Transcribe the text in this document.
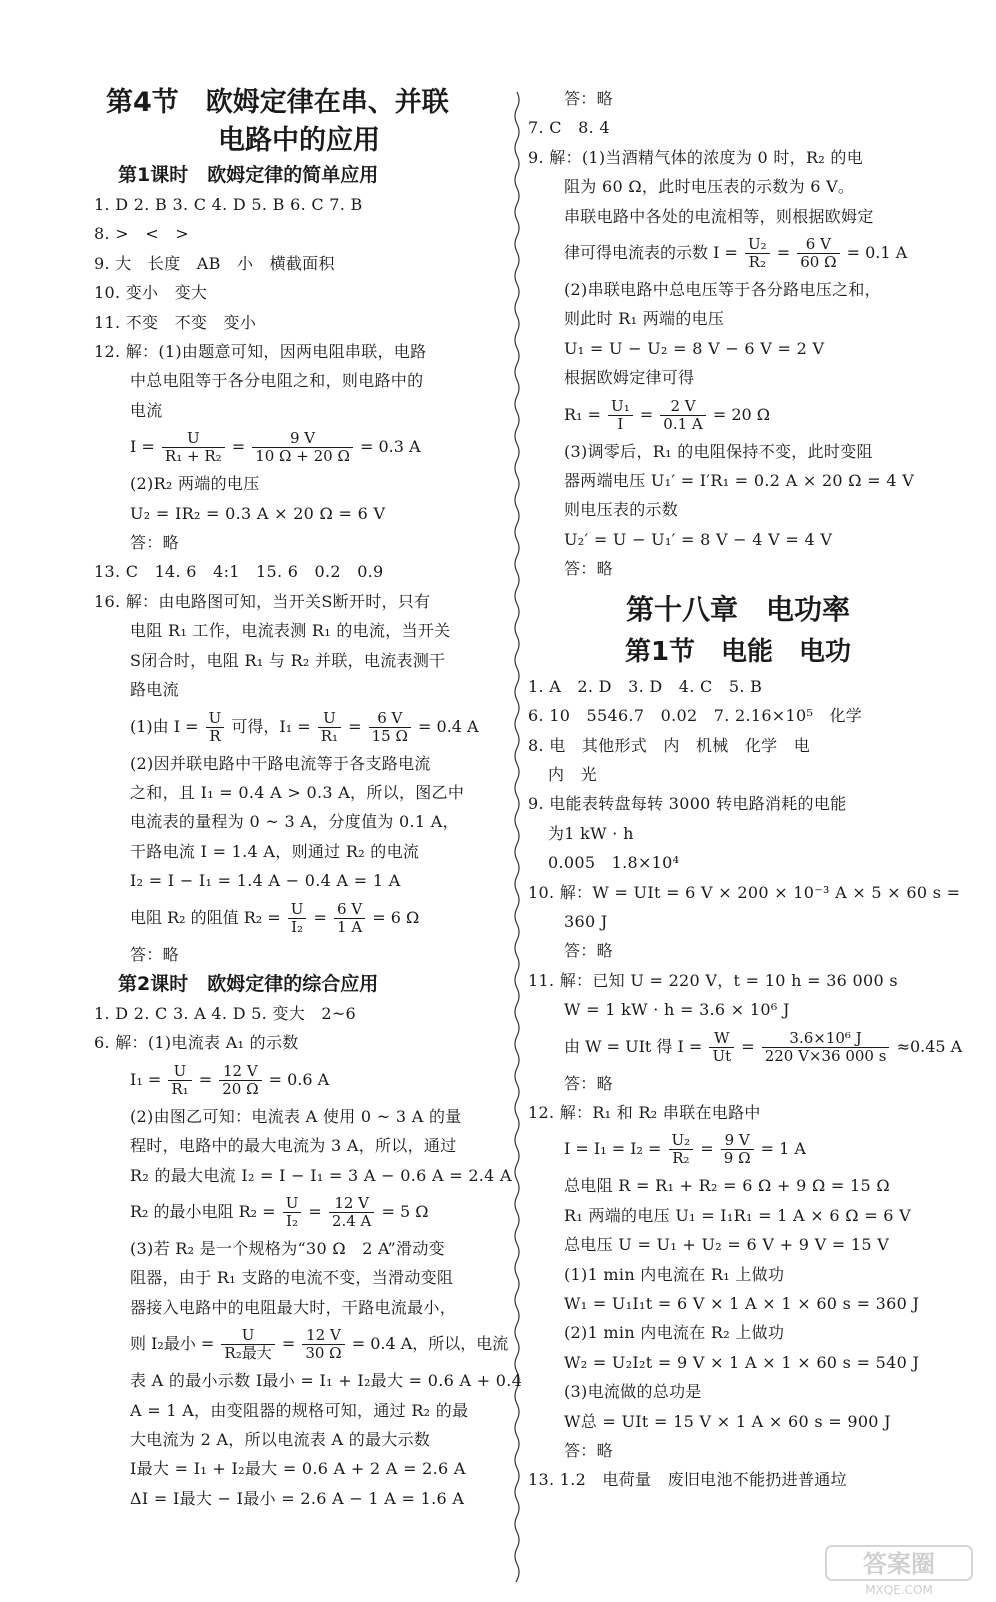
第4节　欧姆定律在串、并联
电路中的应用
第1课时　欧姆定律的简单应用
1. D 2. B 3. C 4. D 5. B 6. C 7. B
8. >　<　>
9. 大　长度　AB　小　横截面积
10. 变小　变大
11. 不变　不变　变小
12. 解：(1)由题意可知，因两电阻串联，电路
中总电阻等于各分电阻之和，则电路中的
电流
$I = \frac{U}{\text{R₁ + R₂}} = \frac{9 V}{10 \Omega + 20 \Omega} = 0.3$ A
(2)R₂ 两端的电压
U₂ = IR₂ = 0.3 A × 20 Ω = 6 V
答：略
13. C　14. 6　4:1　15. 6　0.2　0.9
16. 解：由电路图可知，当开关S断开时，只有
电阻 R₁ 工作，电流表测 R₁ 的电流，当开关
S闭合时，电阻 R₁ 与 R₂ 并联，电流表测干
路电流
(1)由 $I = \frac{U}{R}$ 可得，$I_1 = \frac{U}{\text{R₁}} = \frac{6 V}{15 \Omega} = 0.4$ A
(2)因并联电路中干路电流等于各支路电流
之和，且 I₁ = 0.4 A > 0.3 A，所以，图乙中
电流表的量程为 0 ~ 3 A，分度值为 0.1 A，
干路电流 I = 1.4 A，则通过 R₂ 的电流
I₂ = I − I₁ = 1.4 A − 0.4 A = 1 A
电阻 R₂ 的阻值 $R_2 = \frac{U}{\text{I₂}} = \frac{6 V}{1 A} = 6$ Ω
答：略
第2课时　欧姆定律的综合应用
1. D 2. C 3. A 4. D 5. 变大　2~6
6. 解：(1)电流表 A₁ 的示数
$I_1 = \frac{U}{\text{R₁}} = \frac{12 V}{20 \Omega} = 0.6$ A
(2)由图乙可知：电流表 A 使用 0 ~ 3 A 的量
程时，电路中的最大电流为 3 A，所以，通过
R₂ 的最大电流 I₂ = I − I₁ = 3 A − 0.6 A = 2.4 A
R₂ 的最小电阻 $R_2 = \frac{U}{\text{I₂}} = \frac{12 V}{2.4 A} = 5$ Ω
(3)若 R₂ 是一个规格为“30 Ω　2 A”滑动变
阻器，由于 R₁ 支路的电流不变，当滑动变阻
器接入电路中的电阻最大时，干路电流最小，
则 I₂最小 = $\frac{U}{\text{R₂最大}} = \frac{12 V}{30 \Omega} = 0.4$ A，所以，电流
表 A 的最小示数 I最小 = I₁ + I₂最大 = 0.6 A + 0.4
A = 1 A，由变阻器的规格可知，通过 R₂ 的最
大电流为 2 A，所以电流表 A 的最大示数
I最大 = I₁ + I₂最大 = 0.6 A + 2 A = 2.6 A
ΔI = I最大 − I最小 = 2.6 A − 1 A = 1.6 A
答：略
7. C　8. 4
9. 解：(1)当酒精气体的浓度为 0 时，R₂ 的电
阻为 60 Ω，此时电压表的示数为 6 V。
串联电路中各处的电流相等，则根据欧姆定
律可得电流表的示数 $I = \frac{\text{U₂}}{\text{R₂}} = \frac{6 V}{60 \Omega} = 0.1$ A
(2)串联电路中总电压等于各分路电压之和，
则此时 R₁ 两端的电压
U₁ = U − U₂ = 8 V − 6 V = 2 V
根据欧姆定律可得
$R_1 = \frac{\text{U₁}}{I} = \frac{2 V}{0.1 A} = 20$ Ω
(3)调零后，R₁ 的电阻保持不变，此时变阻
器两端电压 U₁′ = I′R₁ = 0.2 A × 20 Ω = 4 V
则电压表的示数
U₂′ = U − U₁′ = 8 V − 4 V = 4 V
答：略
第十八章　电功率
第1节　电能　电功
1. A　2. D　3. D　4. C　5. B
6. 10　5546.7　0.02　7. 2.16×10⁵　化学
8. 电　其他形式　内　机械　化学　电
内　光
9. 电能表转盘每转 3000 转电路消耗的电能
为1 kW · h
0.005　1.8×10⁴
10. 解：W = UIt = 6 V × 200 × 10⁻³ A × 5 × 60 s =
360 J
答：略
11. 解：已知 U = 220 V，t = 10 h = 36 000 s
W = 1 kW · h = 3.6 × 10⁶ J
由 W = UIt 得 $I = \frac{W}{Ut} = \frac{\text{3.6×10⁶ J}}{220 V\times 36 000 s} \approx 0.45$ A
答：略
12. 解：R₁ 和 R₂ 串联在电路中
$I = I_1 = I_2 = \frac{\text{U₂}}{\text{R₂}} = \frac{9 V}{9 \Omega} = 1$ A
总电阻 R = R₁ + R₂ = 6 Ω + 9 Ω = 15 Ω
R₁ 两端的电压 U₁ = I₁R₁ = 1 A × 6 Ω = 6 V
总电压 U = U₁ + U₂ = 6 V + 9 V = 15 V
(1)1 min 内电流在 R₁ 上做功
W₁ = U₁I₁t = 6 V × 1 A × 1 × 60 s = 360 J
(2)1 min 内电流在 R₂ 上做功
W₂ = U₂I₂t = 9 V × 1 A × 1 × 60 s = 540 J
(3)电流做的总功是
W总 = UIt = 15 V × 1 A × 60 s = 900 J
答：略
13. 1.2　电荷量　废旧电池不能扔进普通垃
答案圈
MXQE.COM
